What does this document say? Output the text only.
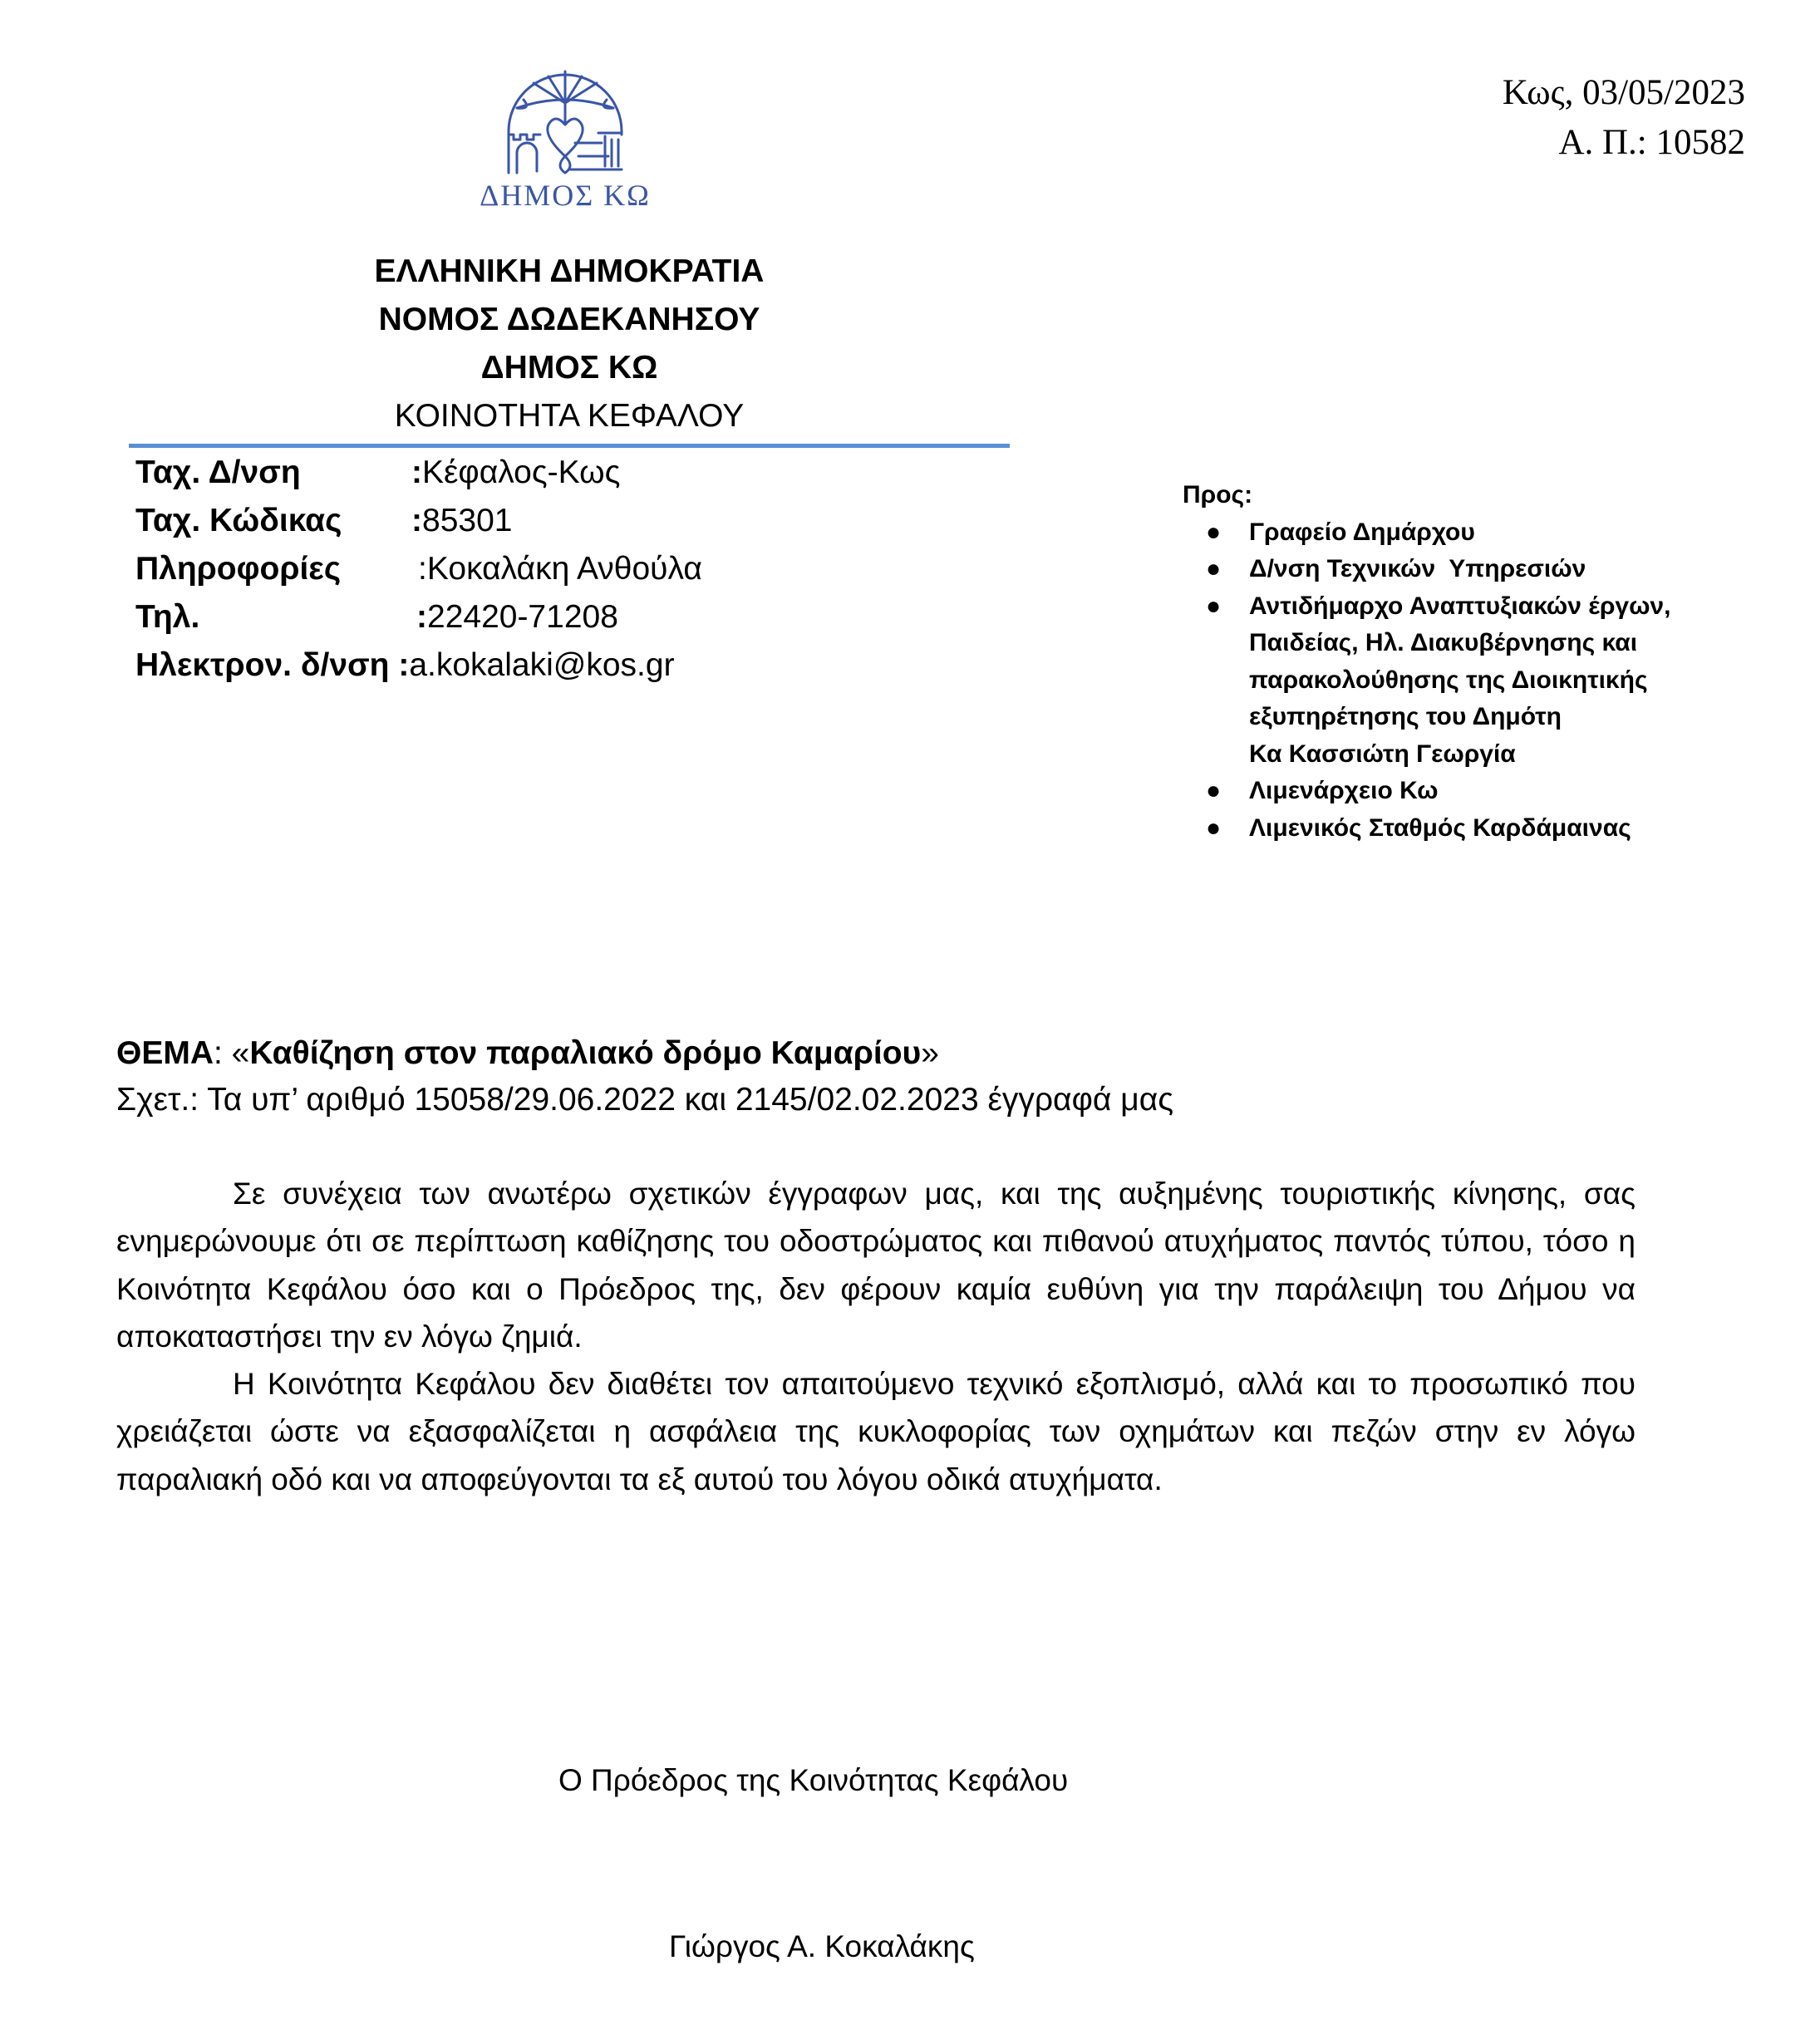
ΔΗΜΟΣ ΚΩ
Κως, 03/05/2023
Α. Π.: 10582
ΕΛΛΗΝΙΚΗ ΔΗΜΟΚΡΑΤΙΑ
ΝΟΜΟΣ ΔΩΔΕΚΑΝΗΣΟΥ
ΔΗΜΟΣ ΚΩ
ΚΟΙΝΟΤΗΤΑ ΚΕΦΑΛΟΥ
Ταχ. Δ/νση	: Κέφαλος-Κως
Ταχ. Κώδικας	: 85301
Πληροφορίες	: Κοκαλάκη Ανθούλα
Τηλ.	: 22420-71208
Ηλεκτρον. δ/νση : a.kokalaki@kos.gr
Προς:
● Γραφείο Δημάρχου
● Δ/νση Τεχνικών  Υπηρεσιών
● Αντιδήμαρχο Αναπτυξιακών έργων,
Παιδείας, Ηλ. Διακυβέρνησης και
παρακολούθησης της Διοικητικής
εξυπηρέτησης του Δημότη
Κα Κασσιώτη Γεωργία
● Λιμενάρχειο Κω
● Λιμενικός Σταθμός Καρδάμαινας
ΘΕΜΑ: «Καθίζηση στον παραλιακό δρόμο Καμαρίου»
Σχετ.: Τα υπ’ αριθμό 15058/29.06.2022 και 2145/02.02.2023 έγγραφά μας

Σε συνέχεια των ανωτέρω σχετικών έγγραφων μας, και της αυξημένης τουριστικής κίνησης, σας ενημερώνουμε ότι σε περίπτωση καθίζησης του οδοστρώματος και πιθανού ατυχήματος παντός τύπου, τόσο η Κοινότητα Κεφάλου όσο και ο Πρόεδρος της, δεν φέρουν καμία ευθύνη για την παράλειψη του Δήμου να αποκαταστήσει την εν λόγω ζημιά.

Η Κοινότητα Κεφάλου δεν διαθέτει τον απαιτούμενο τεχνικό εξοπλισμό, αλλά και το προσωπικό που χρειάζεται ώστε να εξασφαλίζεται η ασφάλεια της κυκλοφορίας των οχημάτων και πεζών στην εν λόγω παραλιακή οδό και να αποφεύγονται τα εξ αυτού του λόγου οδικά ατυχήματα.

Ο Πρόεδρος της Κοινότητας Κεφάλου
Γιώργος Α. Κοκαλάκης
